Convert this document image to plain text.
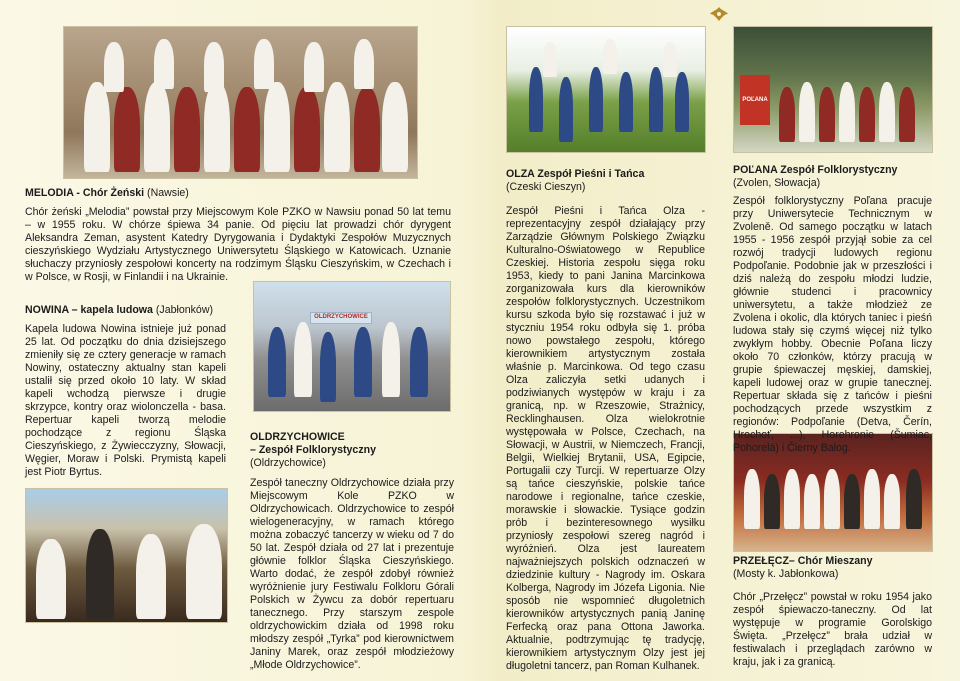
POĽANA
OLDRZYCHOWICE
MELODIA - Chór Żeński (Nawsie)
Chór żeński „Melodia” powstał przy Miejscowym Kole PZKO w Nawsiu ponad 50 lat temu – w 1955 roku. W chórze śpiewa 34 panie. Od pięciu lat prowadzi chór dyrygent Aleksandra Zeman, asystent Katedry Dyrygowania i Dydaktyki Zespołów Muzycznych cieszyńskiego Wydziału Artystycznego Uniwersytetu Śląskiego w Katowicach. Uznanie słuchaczy przyniosły zespołowi koncerty na rodzimym Śląsku Cieszyńskim, w Czechach i w Polsce, w Rosji, w Finlandii i na Ukrainie.
NOWINA – kapela ludowa (Jabłonków)
Kapela ludowa Nowina istnieje już ponad 25 lat. Od początku do dnia dzisiejszego zmieniły się ze cztery generacje w ramach Nowiny, ostateczny aktualny stan kapeli ustalił się przed około 10 laty. W skład kapeli wchodzą pierwsze i drugie skrzypce, kontry oraz wiolonczella - basa. Repertuar kapeli tworzą melodie pochodzące z regionu Śląska Cieszyńskiego, z Żywiecczyzny, Słowacji, Węgier, Moraw i Polski. Prymistą kapeli jest Piotr Byrtus.
OLDRZYCHOWICE
– Zespół Folklorystyczny
(Oldrzychowice)
Zespół taneczny Oldrzychowice działa przy Miejscowym Kole PZKO w Oldrzychowicach. Oldrzychowice to zespół wielogeneracyjny, w ramach którego można zobaczyć tancerzy w wieku od 7 do 50 lat. Zespół działa od 27 lat i prezentuje głównie folklor Śląska Cieszyńskiego. Warto dodać, że zespół zdobył również wyróżnienie jury Festiwalu Folkloru Górali Polskich w Żywcu za dobór repertuaru tanecznego. Przy starszym zespole oldrzychowickim działa od 1998 roku młodszy zespół „Tyrka” pod kierownictwem Janiny Marek, oraz zespół młodzieżowy „Młode Oldrzychowice”.
OLZA Zespół Pieśni i Tańca
(Czeski Cieszyn)
Zespół Pieśni i Tańca Olza - reprezentacyjny zespół działający przy Zarządzie Głównym Polskiego Związku Kulturalno-Oświatowego w Republice Czeskiej. Historia zespołu sięga roku 1953, kiedy to pani Janina Marcinkowa zorganizowała kurs dla kierowników zespołów folklorystycznych. Uczestnikom kursu szkoda było się rozstawać i już w styczniu 1954 roku odbyła się 1. próba nowo powstałego zespołu, którego kierownikiem artystycznym została właśnie p. Marcinkowa. Od tego czasu Olza zaliczyła setki udanych i podziwianych występów w kraju i za granicą, np. w Rzeszowie, Strażnicy, Recklinghausen. Olza wielokrotnie występowała w Polsce, Czechach, na Słowacji, w Austrii, w Niemczech, Francji, Belgii, Wielkiej Brytanii, USA, Egipcie, Portugalii czy Turcji. W repertuarze Olzy są tańce cieszyńskie, polskie tańce narodowe i regionalne, tańce czeskie, morawskie i słowackie. Tysiące godzin prób i bezinteresownego wysiłku przyniosły zespołowi szereg nagród i wyróżnień. Olza jest laureatem najważniejszych polskich odznaczeń w dziedzinie kultury - Nagrody im. Oskara Kolberga, Nagrody im Józefa Ligonia. Nie sposób nie wspomnieć długoletnich kierowników artystycznych panią Janinę Ferfecką oraz pana Ottona Jaworka. Aktualnie, podtrzymując tę tradycję, kierownikiem artystycznym Olzy jest jej długoletni tancerz, pan Roman Kulhanek.
POĽANA Zespół Folklorystyczny
(Zvolen, Słowacja)
Zespół folklorystyczny Poľana pracuje przy Uniwersytecie Technicznym w Zvoleně. Od samego początku w latach 1955 - 1956 zespół przyjął sobie za cel rozwój tradycji ludowych regionu Podpoľanie. Podobnie jak w przeszłości i dziś należą do zespołu młodzi ludzie, głównie studenci i pracownicy uniwersytetu, a także młodzież ze Zvolena i okolic, dla których taniec i pieśń ludowa stały się czymś więcej niż tylko zwykłym hobby. Obecnie Poľana liczy około 70 członków, którzy pracują w grupie śpiewaczej męskiej, damskiej, kapeli ludowej oraz w grupie tanecznej. Repertuar składa się z tańców i pieśni pochodzących przede wszystkim z regionów: Podpoľanie (Detva, Čerín, Hrochoť, ...), Horehronie (Šumiac, Pohorelá) i Čierny Balog.
PRZEŁĘCZ– Chór Mieszany
(Mosty k. Jabłonkowa)
Chór „Przełęcz” powstał w roku 1954 jako zespół śpiewaczo-taneczny. Od lat występuje w programie Gorolskigo Święta. „Przełęcz” brała udział w festiwalach i przeglądach zarówno w kraju, jak i za granicą.
